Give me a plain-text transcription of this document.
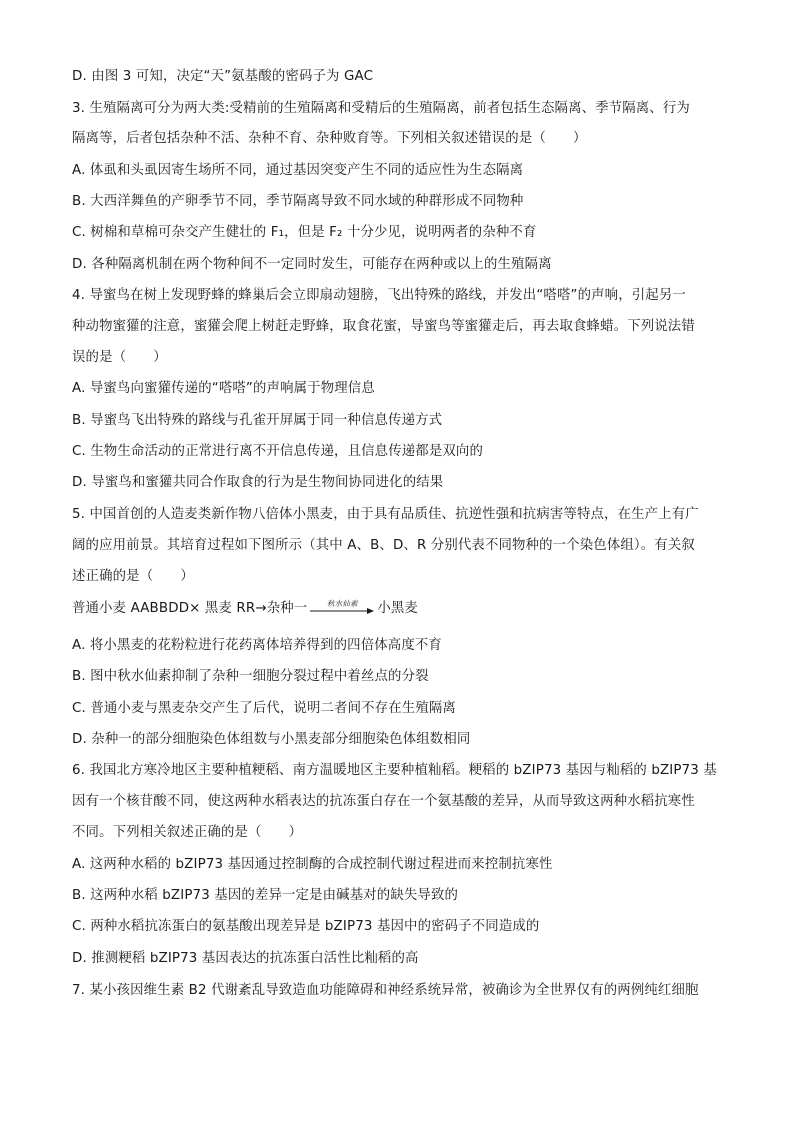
D. 由图 3 可知，决定“天”氨基酸的密码子为 GAC
3. 生殖隔离可分为两大类:受精前的生殖隔离和受精后的生殖隔离，前者包括生态隔离、季节隔离、行为
隔离等，后者包括杂种不活、杂种不育、杂种败育等。下列相关叙述错误的是（　　）
A. 体虱和头虱因寄生场所不同，通过基因突变产生不同的适应性为生态隔离
B. 大西洋舞鱼的产卵季节不同，季节隔离导致不同水域的种群形成不同物种
C. 树棉和草棉可杂交产生健壮的 F₁，但是 F₂ 十分少见，说明两者的杂种不育
D. 各种隔离机制在两个物种间不一定同时发生，可能存在两种或以上的生殖隔离
4. 导蜜鸟在树上发现野蜂的蜂巢后会立即扇动翅膀，飞出特殊的路线，并发出“嗒嗒”的声响，引起另一
种动物蜜獾的注意，蜜獾会爬上树赶走野蜂，取食花蜜，导蜜鸟等蜜獾走后，再去取食蜂蜡。下列说法错
误的是（　　）
A. 导蜜鸟向蜜獾传递的“嗒嗒”的声响属于物理信息
B. 导蜜鸟飞出特殊的路线与孔雀开屏属于同一种信息传递方式
C. 生物生命活动的正常进行离不开信息传递，且信息传递都是双向的
D. 导蜜鸟和蜜獾共同合作取食的行为是生物间协同进化的结果
5. 中国首创的人造麦类新作物八倍体小黑麦，由于具有品质佳、抗逆性强和抗病害等特点，在生产上有广
阔的应用前景。其培育过程如下图所示（其中 A、B、D、R 分别代表不同物种的一个染色体组）。有关叙
述正确的是（　　）
普通小麦 AABBDD× 黑麦 RR→杂种一	秋水仙素	小黑麦
A. 将小黑麦的花粉粒进行花药离体培养得到的四倍体高度不育
B. 图中秋水仙素抑制了杂种一细胞分裂过程中着丝点的分裂
C. 普通小麦与黑麦杂交产生了后代，说明二者间不存在生殖隔离
D. 杂种一的部分细胞染色体组数与小黑麦部分细胞染色体组数相同
6. 我国北方寒冷地区主要种植粳稻、南方温暖地区主要种植籼稻。粳稻的 bZIP73 基因与籼稻的 bZIP73 基
因有一个核苷酸不同，使这两种水稻表达的抗冻蛋白存在一个氨基酸的差异，从而导致这两种水稻抗寒性
不同。下列相关叙述正确的是（　　）
A. 这两种水稻的 bZIP73 基因通过控制酶的合成控制代谢过程进而来控制抗寒性
B. 这两种水稻 bZIP73 基因的差异一定是由碱基对的缺失导致的
C. 两种水稻抗冻蛋白的氨基酸出现差异是 bZIP73 基因中的密码子不同造成的
D. 推测粳稻 bZIP73 基因表达的抗冻蛋白活性比籼稻的高
7. 某小孩因维生素 B2 代谢紊乱导致造血功能障碍和神经系统异常，被确诊为全世界仅有的两例纯红细胞
